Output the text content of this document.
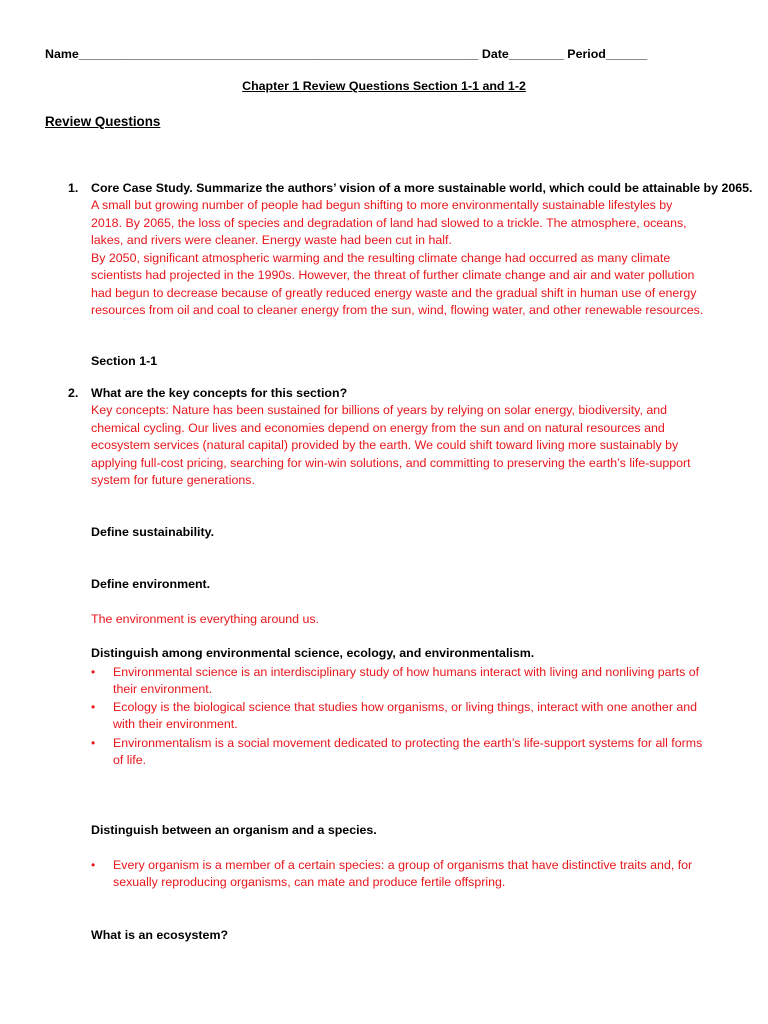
Name__________________________________________________________ Date________ Period______
Chapter 1 Review Questions Section 1-1 and 1-2
Review Questions
1. Core Case Study. Summarize the authors’ vision of a more sustainable world, which could be attainable by 2065.
A small but growing number of people had begun shifting to more environmentally sustainable lifestyles by
2018. By 2065, the loss of species and degradation of land had slowed to a trickle. The atmosphere, oceans,
lakes, and rivers were cleaner. Energy waste had been cut in half.
By 2050, significant atmospheric warming and the resulting climate change had occurred as many climate
scientists had projected in the 1990s. However, the threat of further climate change and air and water pollution
had begun to decrease because of greatly reduced energy waste and the gradual shift in human use of energy
resources from oil and coal to cleaner energy from the sun, wind, flowing water, and other renewable resources.
Section 1-1
2. What are the key concepts for this section?
Key concepts: Nature has been sustained for billions of years by relying on solar energy, biodiversity, and
chemical cycling. Our lives and economies depend on energy from the sun and on natural resources and
ecosystem services (natural capital) provided by the earth. We could shift toward living more sustainably by
applying full-cost pricing, searching for win-win solutions, and committing to preserving the earth’s life-support
system for future generations.
Define sustainability.
Define environment.
The environment is everything around us.
Distinguish among environmental science, ecology, and environmentalism.
• Environmental science is an interdisciplinary study of how humans interact with living and nonliving parts of
their environment.
• Ecology is the biological science that studies how organisms, or living things, interact with one another and
with their environment.
• Environmentalism is a social movement dedicated to protecting the earth’s life-support systems for all forms
of life.
Distinguish between an organism and a species.
• Every organism is a member of a certain species: a group of organisms that have distinctive traits and, for
sexually reproducing organisms, can mate and produce fertile offspring.
What is an ecosystem?
